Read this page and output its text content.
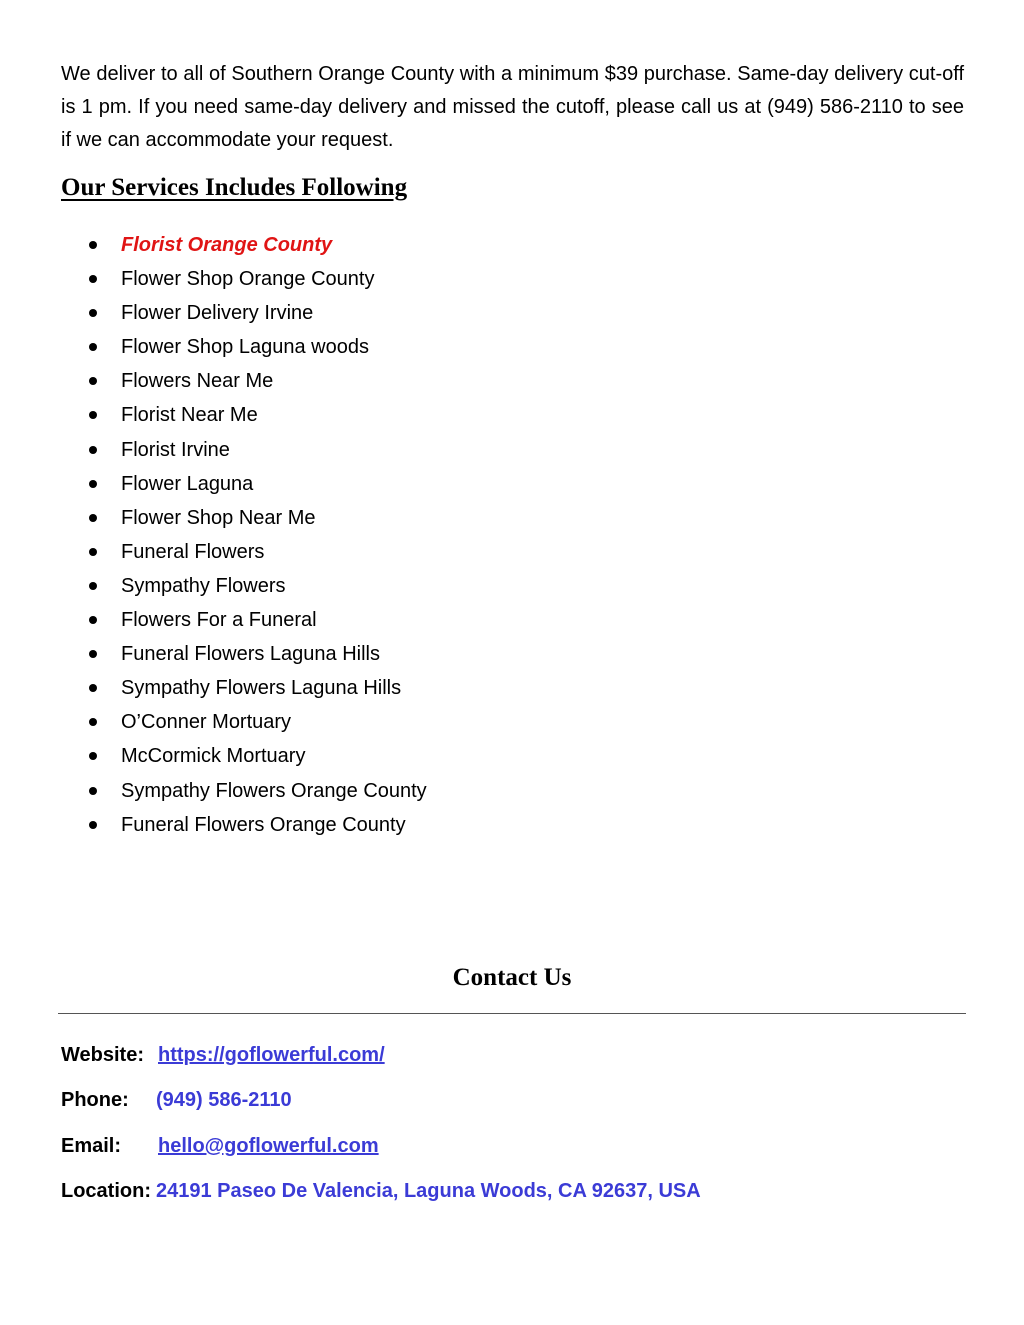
We deliver to all of Southern Orange County with a minimum $39 purchase. Same-day delivery cut-off is 1 pm. If you need same-day delivery and missed the cutoff, please call us at (949) 586-2110 to see if we can accommodate your request.

Our Services Includes Following
Florist Orange County
Flower Shop Orange County
Flower Delivery Irvine
Flower Shop Laguna woods
Flowers Near Me
Florist Near Me
Florist Irvine
Flower Laguna
Flower Shop Near Me
Funeral Flowers
Sympathy Flowers
Flowers For a Funeral
Funeral Flowers Laguna Hills
Sympathy Flowers Laguna Hills
O’Conner Mortuary
McCormick Mortuary
Sympathy Flowers Orange County
Funeral Flowers Orange County
Contact Us
Website: https://goflowerful.com/
Phone: (949) 586-2110
Email: hello@goflowerful.com
Location: 24191 Paseo De Valencia, Laguna Woods, CA 92637, USA
